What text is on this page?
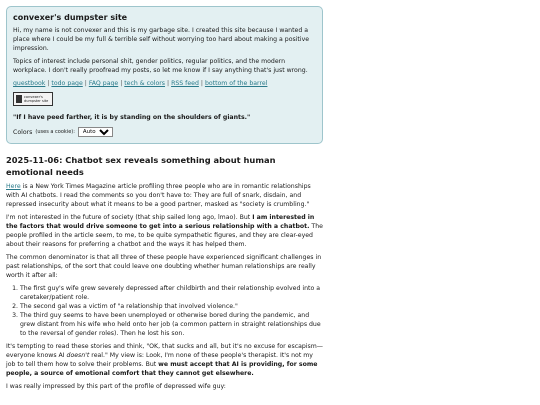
convexer's dumpster site

Hi, my name is not convexer and this is my garbage site. I created this site because I wanted a place where I could be my full & terrible self without worrying too hard about making a positive impression.

Topics of interest include personal shit, gender politics, regular politics, and the modern workplace. I don't really proofread my posts, so let me know if I say anything that's just wrong.

guestbook | todo page | FAQ page | tech & colors | RSS feed | bottom of the barrel
convexer's dumpster site
"If I have peed farther, it is by standing on the shoulders of giants."
Colors (uses a cookie):
Auto
2025-11-06: Chatbot sex reveals something about human emotional needs

Here is a New York Times Magazine article profiling three people who are in romantic relationships with AI chatbots. I read the comments so you don't have to: They are full of snark, disdain, and repressed insecurity about what it means to be a good partner, masked as "society is crumbling."

I'm not interested in the future of society (that ship sailed long ago, lmao). But I am interested in the factors that would drive someone to get into a serious relationship with a chatbot. The people profiled in the article seem, to me, to be quite sympathetic figures, and they are clear-eyed about their reasons for preferring a chatbot and the ways it has helped them.

The common denominator is that all three of these people have experienced significant challenges in past relationships, of the sort that could leave one doubting whether human relationships are really worth it after all:

1. The first guy's wife grew severely depressed after childbirth and their relationship evolved into a caretaker/patient role.
2. The second gal was a victim of "a relationship that involved violence."
3. The third guy seems to have been unemployed or otherwise bored during the pandemic, and grew distant from his wife who held onto her job (a common pattern in straight relationships due to the reversal of gender roles). Then he lost his son.

It's tempting to read these stories and think, "OK, that sucks and all, but it's no excuse for escapism—everyone knows AI doesn't real." My view is: Look, I'm none of these people's therapist. It's not my job to tell them how to solve their problems. But we must accept that AI is providing, for some people, a source of emotional comfort that they cannot get elsewhere.

I was really impressed by this part of the profile of depressed wife guy:
